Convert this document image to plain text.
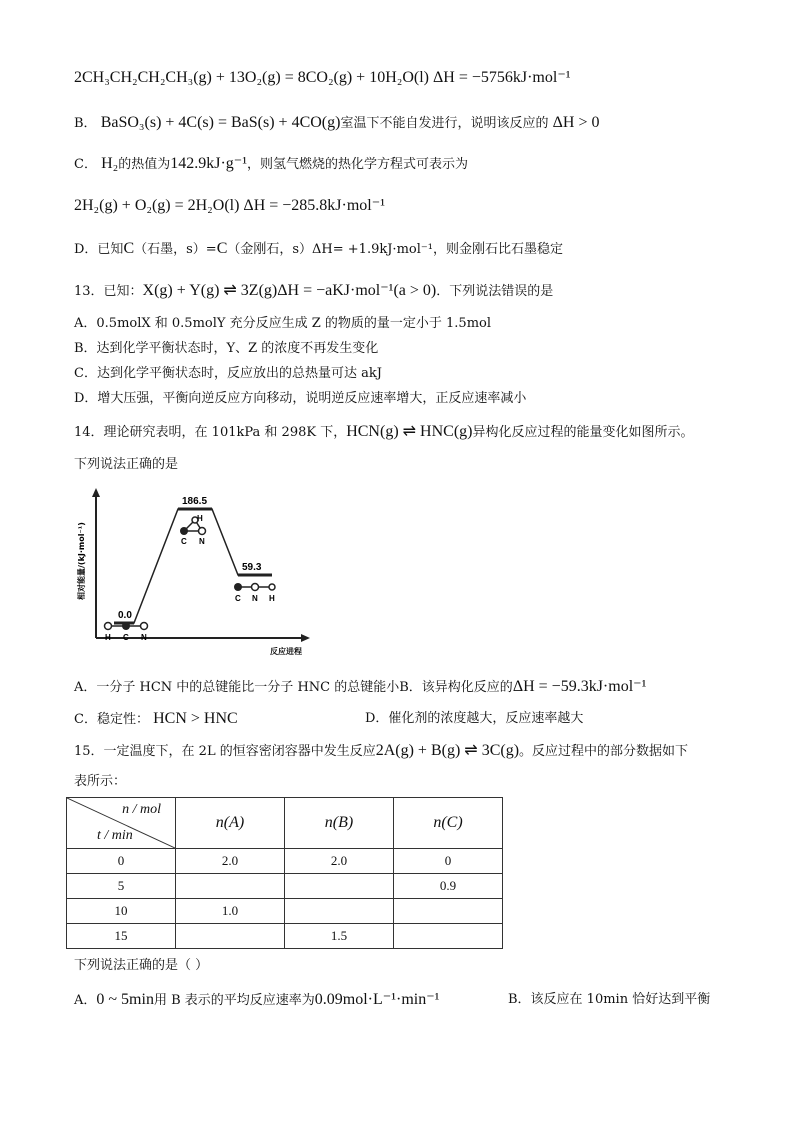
2CH₃CH₂CH₂CH₃(g) + 13O₂(g) = 8CO₂(g) + 10H₂O(l) ΔH = −5756kJ·mol⁻¹
B． BaSO₃(s) + 4C(s) = BaS(s) + 4CO(g)室温下不能自发进行，说明该反应的 ΔH > 0
C． H₂的热值为142.9kJ·g⁻¹，则氢气燃烧的热化学方程式可表示为
2H₂(g) + O₂(g) = 2H₂O(l) ΔH = −285.8kJ·mol⁻¹
D．已知C（石墨，s）=C（金刚石，s）ΔH= +1.9kJ·mol⁻¹，则金刚石比石墨稳定
13．已知：X(g) + Y(g) ⇌ 3Z(g)ΔH = −aKJ·mol⁻¹(a > 0)．下列说法错误的是
A．0.5molX 和 0.5molY 充分反应生成 Z 的物质的量一定小于 1.5mol
B．达到化学平衡状态时，Y、Z 的浓度不再发生变化
C．达到化学平衡状态时，反应放出的总热量可达 akJ
D．增大压强，平衡向逆反应方向移动，说明逆反应速率增大，正反应速率减小
14．理论研究表明，在 101kPa 和 298K 下，HCN(g) ⇌ HNC(g)异构化反应过程的能量变化如图所示。
下列说法正确的是
0.0
186.5
59.3
H C N
H
C N
C N H
相对能量/(kJ·mol⁻¹)
反应进程
A．一分子 HCN 中的总键能比一分子 HNC 的总键能小B．该异构化反应的ΔH = −59.3kJ·mol⁻¹
C．稳定性： HCN > HNC	D．催化剂的浓度越大，反应速率越大
15．一定温度下，在 2L 的恒容密闭容器中发生反应2A(g) + B(g) ⇌ 3C(g)。反应过程中的部分数据如下
表所示：
n / mol
t / min	n(A)	n(B)	n(C)
0	2.0	2.0	0
5			0.9
10	1.0		
15		1.5	
下列说法正确的是（ ）
A．0 ~ 5min用 B 表示的平均反应速率为0.09mol·L⁻¹·min⁻¹	B．该反应在 10min 恰好达到平衡
